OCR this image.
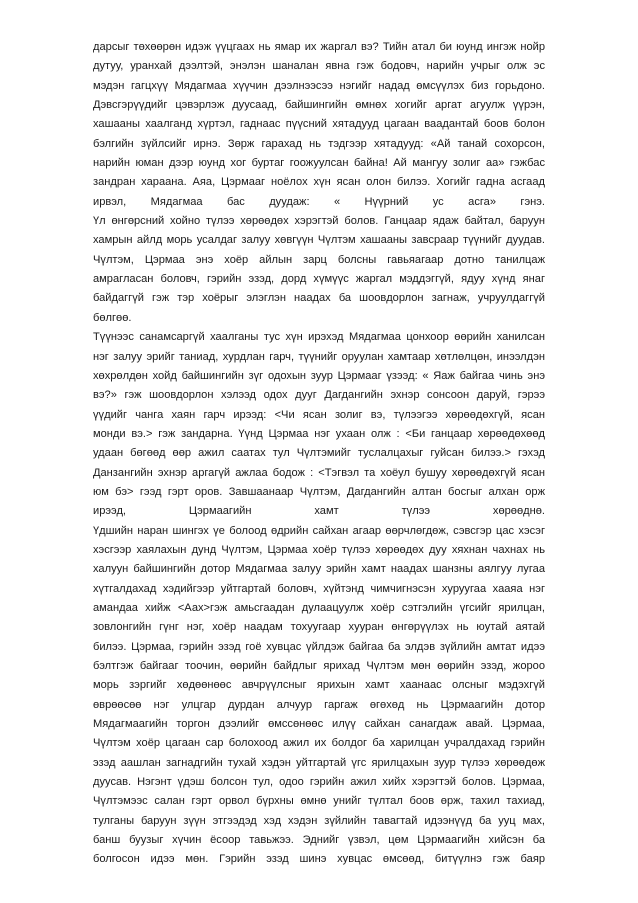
дарсыг төхөөрөн идэж үүцгаах нь ямар их жаргал вэ? Тийн атал би юунд ингэж нойр
дутуу, уранхай дээлтэй, энэлэн шаналан явна гэж бодовч, нарийн учрыг олж эс
мэдэн гагцхүү Мядагмаа хүүчин дээлнээсээ нэгийг надад өмсүүлэх биз горьдоно.
Дэвсгэрүүдийг цэвэрлэж дуусаад, байшингийн өмнөх хогийг аргат агуулж үүрэн,
хашааны хаалганд хүртэл, гаднаас пүүсний хятадууд цагаан ваадантай боов болон
бэлгийн зүйлсийг ирнэ. Зөрж гарахад нь тэдгээр хятадууд: «Ай танай сохорсон,
нарийн юман дээр юунд хог буртаг гоожуулсан байна! Ай мангуу золиг аа» гэжбас
зандран хараана. Аяа, Цэрмааг ноёлох хүн ясан олон билээ. Хогийг гадна асгаад
ирвэл, Мядагмаа бас дуудаж: « Нүүрний ус асга» гэнэ.
Үл өнгөрсний хойно түлээ хөрөөдөх хэрэгтэй болов. Ганцаар ядаж байтал, баруун
хамрын айлд морь усалдаг залуу хөвгүүн Чүлтэм хашааны завсраар түүнийг дуудав.
Чүлтэм, Цэрмаа энэ хоёр айлын зарц болсны гавьяагаар дотно танилцаж
амрагласан боловч, гэрийн эзэд, дорд хүмүүс жаргал мэддэггүй, ядуу хүнд янаг
байдаггүй гэж тэр хоёрыг элэглэн наадах ба шоовдорлон загнаж, учруулдаггүй
бөлгөө.
Түүнээс санамсаргүй хаалганы тус хүн ирэхэд Мядагмаа цонхоор өөрийн ханилсан
нэг залуу эрийг таниад, хурдлан гарч, түүнийг оруулан хамтаар хөтлөлцөн, инээлдэн
хөхрөлдөн хойд байшингийн зүг одохын зуур Цэрмааг үзээд: « Яаж байгаа чинь энэ
вэ?» гэж шоовдорлон хэлээд одох дууг Дагдангийн эхнэр сонсоон даруй, гэрээ
үүдийг чанга хаян гарч ирээд: <Чи ясан золиг вэ, түлээгээ хөрөөдөхгүй, ясан
монди вэ.> гэж зандарна. Үүнд Цэрмаа нэг ухаан олж : <Би ганцаар хөрөөдөхөөд
удаан бөгөөд өөр ажил саатах тул Чүлтэмийг туслалцахыг гуйсан билээ.> гэхэд
Данзангийн эхнэр аргагүй ажлаа бодож : <Тэгвэл та хоёул бушуу хөрөөдөхгүй ясан
юм бэ> гээд гэрт оров. Завшаанаар Чүлтэм, Дагдангийн алтан босгыг алхан орж
ирээд, Цэрмаагийн хамт түлээ хөрөөднө.
Үдшийн наран шингэх үе болоод өдрийн сайхан агаар өөрчлөгдөж, сэвсгэр цас хэсэг
хэсгээр хаялахын дунд Чүлтэм, Цэрмаа хоёр түлээ хөрөөдөх дуу хяхнан чахнах нь
халуун байшингийн дотор Мядагмаа залуу эрийн хамт наадах шанзны аялгуу лугаа
хүтгалдахад хэдийгээр уйтгартай боловч, хүйтэнд чимчигнэсэн хуруугаа хааяа нэг
амандаа хийж <Аах>гэж амьсгаадан дулаацуулж хоёр сэтгэлийн үгсийг ярилцан,
зовлонгийн гүнг нэг, хоёр наадам тохуугаар хууран өнгөрүүлэх нь юутай аятай
билээ. Цэрмаа, гэрийн эзэд гоё хувцас үйлдэж байгаа ба элдэв зүйлийн амтат идээ
бэлтгэж байгааг тоочин, өөрийн байдлыг ярихад Чүлтэм мөн өөрийн эзэд, жороо
морь зэргийг хөдөөнөөс авчрүүлсныг ярихын хамт хаанаас олсныг мэдэхгүй
өврөөсөө нэг улцгар дурдан алчуур гаргаж өгөхөд нь Цэрмаагийн дотор
Мядагмаагийн торгон дээлийг өмссөнөөс илүү сайхан санагдаж авай. Цэрмаа,
Чүлтэм хоёр цагаан сар болохоод ажил их болдог ба харилцан учралдахад гэрийн
эзэд аашлан загнадгийн тухай хэдэн уйтгартай үгс ярилцахын зуур түлээ хөрөөдөж
дуусав. Нэгэнт үдэш болсон тул, одоо гэрийн ажил хийх хэрэгтэй болов. Цэрмаа,
Чүлтэмээс салан гэрт орвол бүрхны өмнө унийг түлтал боов өрж, тахил тахиад,
тулганы баруун зүүн этгээдэд хэд хэдэн зүйлийн тавагтай идээнүүд ба ууц мах,
банш буузыг хүчин ёсоор тавьжээ. Эднийг үзвэл, цөм Цэрмаагийн хийсэн ба
болгосон идээ мөн. Гэрийн эзэд шинэ хувцас өмсөөд, битүүлнэ гэж баяр
